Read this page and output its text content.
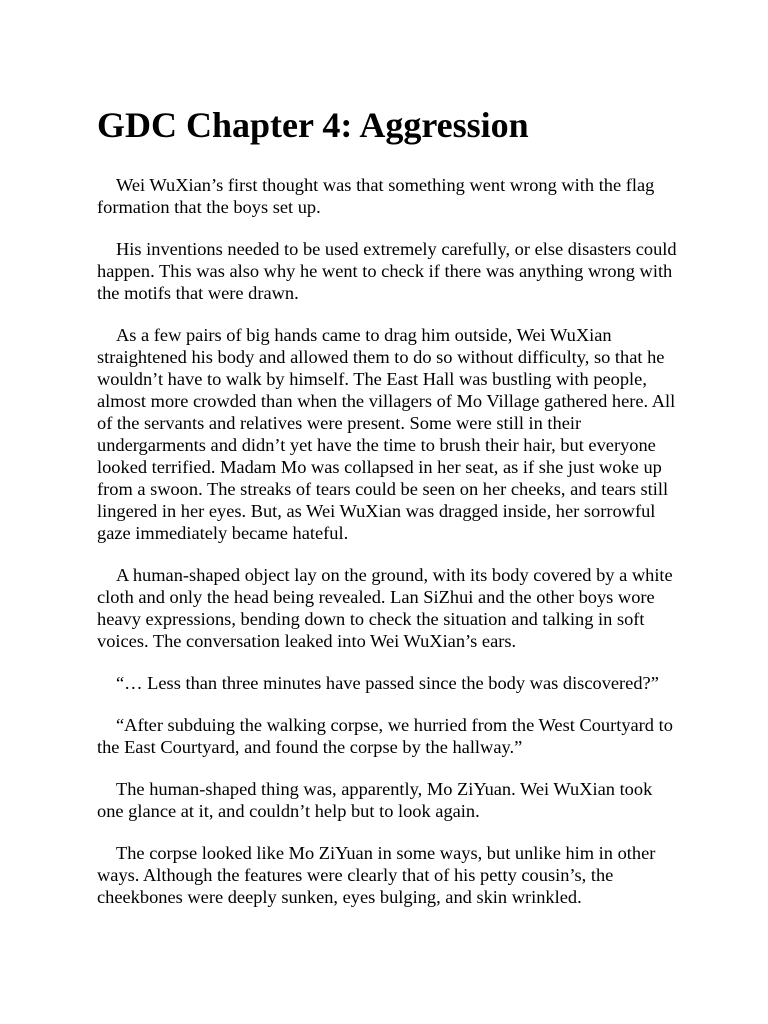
GDC Chapter 4: Aggression

Wei WuXian’s first thought was that something went wrong with the flag formation that the boys set up.

His inventions needed to be used extremely carefully, or else disasters could happen. This was also why he went to check if there was anything wrong with the motifs that were drawn.

As a few pairs of big hands came to drag him outside, Wei WuXian straightened his body and allowed them to do so without difficulty, so that he wouldn’t have to walk by himself. The East Hall was bustling with people, almost more crowded than when the villagers of Mo Village gathered here. All of the servants and relatives were present. Some were still in their undergarments and didn’t yet have the time to brush their hair, but everyone looked terrified. Madam Mo was collapsed in her seat, as if she just woke up from a swoon. The streaks of tears could be seen on her cheeks, and tears still lingered in her eyes. But, as Wei WuXian was dragged inside, her sorrowful gaze immediately became hateful.

A human-shaped object lay on the ground, with its body covered by a white cloth and only the head being revealed. Lan SiZhui and the other boys wore heavy expressions, bending down to check the situation and talking in soft voices. The conversation leaked into Wei WuXian’s ears.

“… Less than three minutes have passed since the body was discovered?”

“After subduing the walking corpse, we hurried from the West Courtyard to the East Courtyard, and found the corpse by the hallway.”

The human-shaped thing was, apparently, Mo ZiYuan. Wei WuXian took one glance at it, and couldn’t help but to look again.

The corpse looked like Mo ZiYuan in some ways, but unlike him in other ways. Although the features were clearly that of his petty cousin’s, the cheekbones were deeply sunken, eyes bulging, and skin wrinkled.
